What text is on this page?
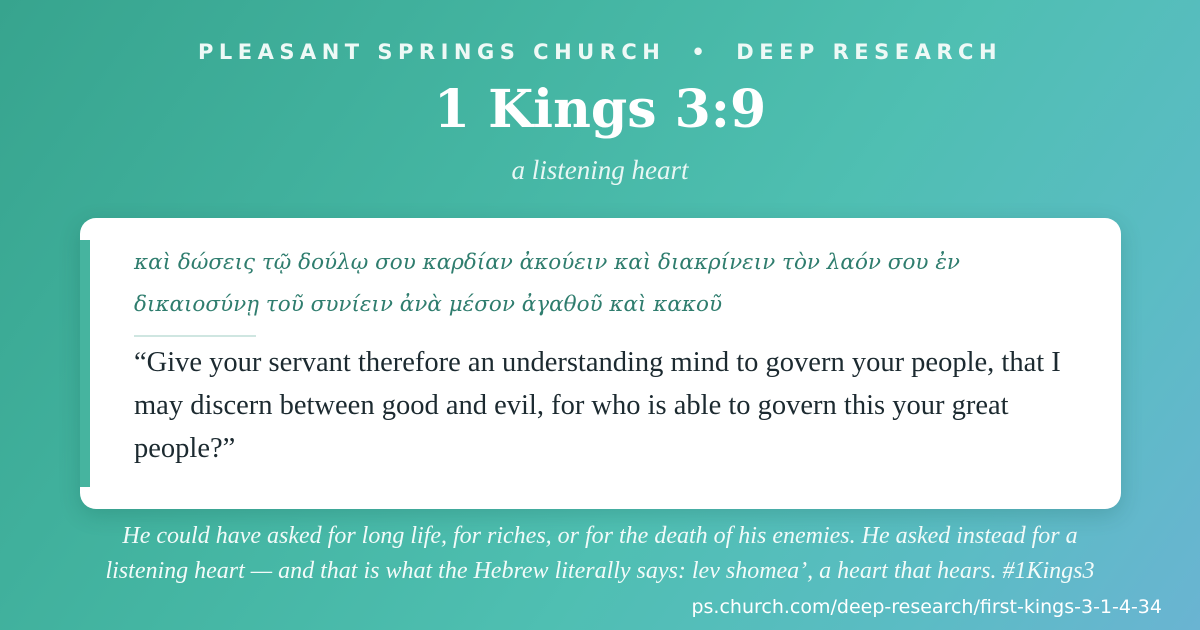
PLEASANT SPRINGS CHURCH • DEEP RESEARCH
1 Kings 3:9
a listening heart
καὶ δώσεις τῷ δούλῳ σου καρδίαν ἀκούειν καὶ διακρίνειν τὸν λαόν σου ἐν δικαιοσύνῃ τοῦ συνίειν ἀνὰ μέσον ἀγαθοῦ καὶ κακοῦ
“Give your servant therefore an understanding mind to govern your people, that I may discern between good and evil, for who is able to govern this your great people?”
He could have asked for long life, for riches, or for the death of his enemies. He asked instead for a listening heart — and that is what the Hebrew literally says: lev shomea’, a heart that hears. #1Kings3
ps.church.com/deep-research/first-kings-3-1-4-34
